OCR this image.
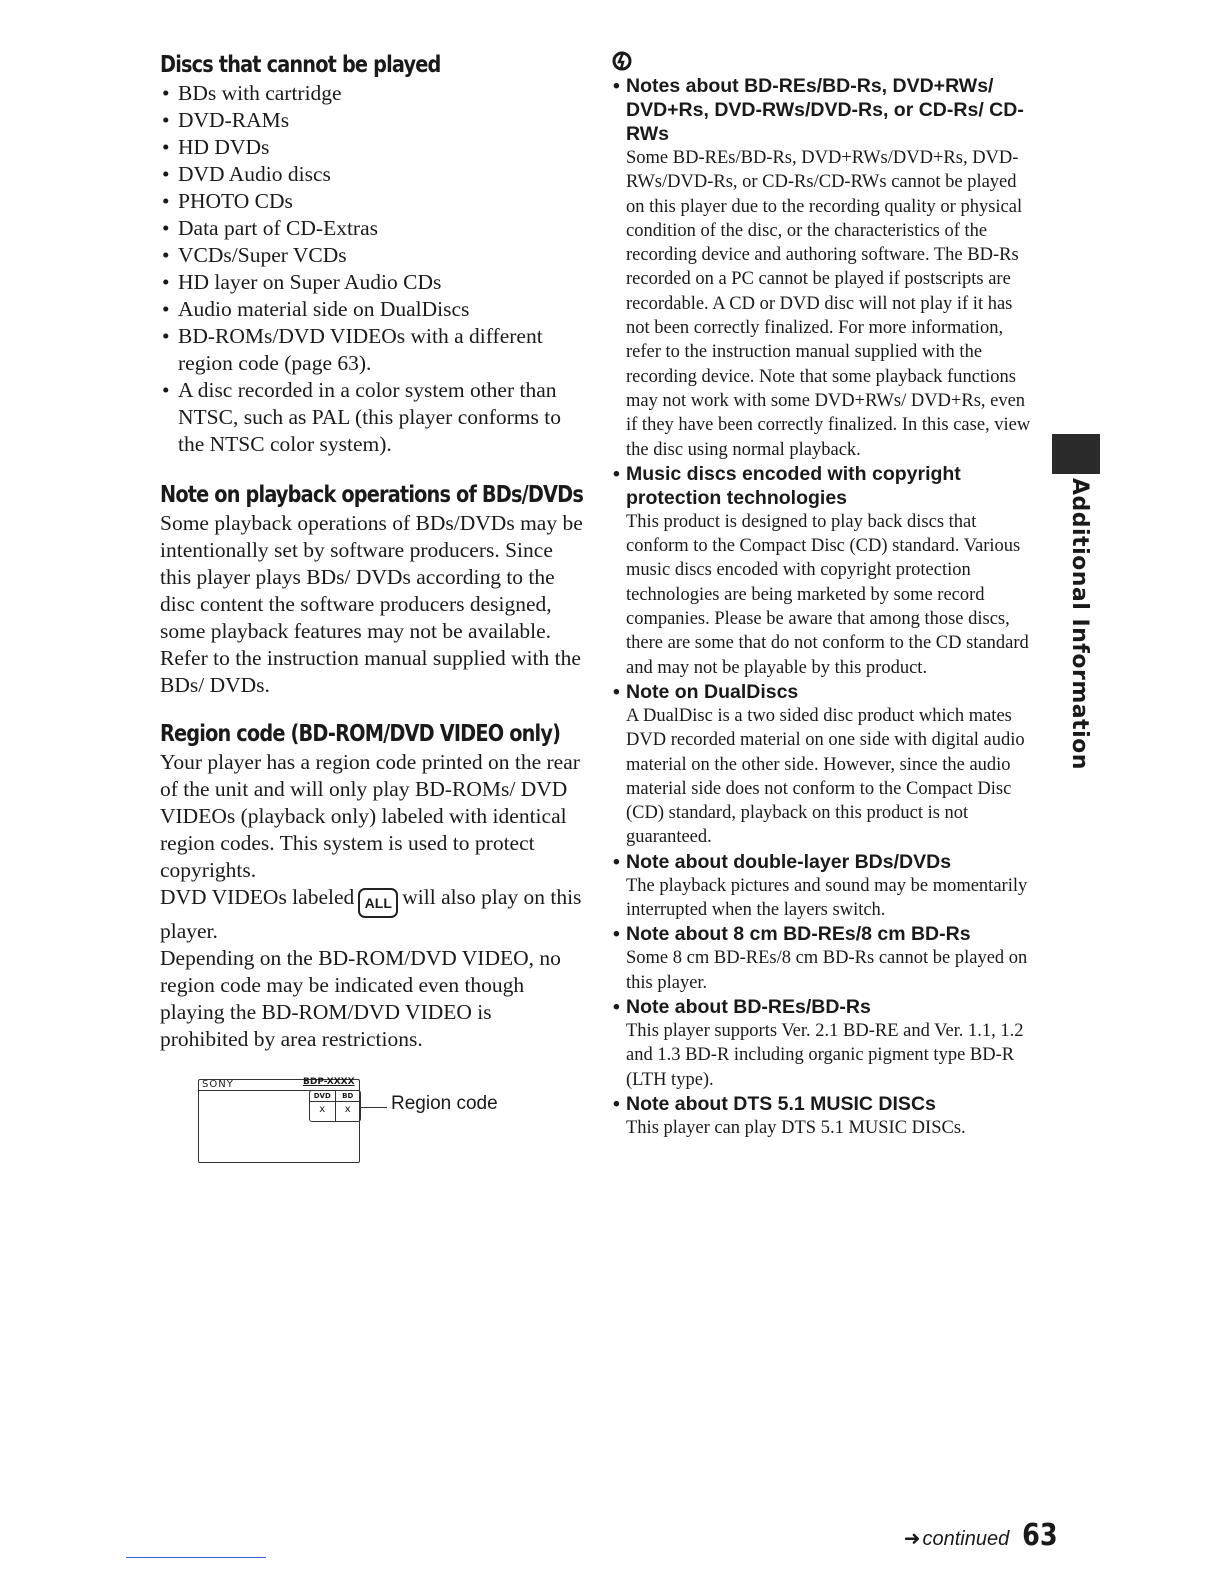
Discs that cannot be played
• BDs with cartridge
• DVD-RAMs
• HD DVDs
• DVD Audio discs
• PHOTO CDs
• Data part of CD-Extras
• VCDs/Super VCDs
• HD layer on Super Audio CDs
• Audio material side on DualDiscs
• BD-ROMs/DVD VIDEOs with a different region code (page 63).
• A disc recorded in a color system other than NTSC, such as PAL (this player conforms to the NTSC color system).
Note on playback operations of BDs/DVDs

Some playback operations of BDs/DVDs may be intentionally set by software producers. Since this player plays BDs/ DVDs according to the disc content the software producers designed, some playback features may not be available. Refer to the instruction manual supplied with the BDs/ DVDs.

Region code (BD-ROM/DVD VIDEO only)

Your player has a region code printed on the rear of the unit and will only play BD-ROMs/ DVD VIDEOs (playback only) labeled with identical region codes. This system is used to protect copyrights.

DVD VIDEOs labeled ALL will also play on this player.

Depending on the BD-ROM/DVD VIDEO, no region code may be indicated even though playing the BD-ROM/DVD VIDEO is prohibited by area restrictions.

SONY	BDP-XXXX
DVD
x
BD
x Region code

• Notes about BD-REs/BD-Rs, DVD+RWs/ DVD+Rs, DVD-RWs/DVD-Rs, or CD-Rs/ CD-RWs

Some BD-REs/BD-Rs, DVD+RWs/DVD+Rs, DVD-RWs/DVD-Rs, or CD-Rs/CD-RWs cannot be played on this player due to the recording quality or physical condition of the disc, or the characteristics of the recording device and authoring software. The BD-Rs recorded on a PC cannot be played if postscripts are recordable. A CD or DVD disc will not play if it has not been correctly finalized. For more information, refer to the instruction manual supplied with the recording device. Note that some playback functions may not work with some DVD+RWs/ DVD+Rs, even if they have been correctly finalized. In this case, view the disc using normal playback.

• Music discs encoded with copyright protection technologies

This product is designed to play back discs that conform to the Compact Disc (CD) standard. Various music discs encoded with copyright protection technologies are being marketed by some record companies. Please be aware that among those discs, there are some that do not conform to the CD standard and may not be playable by this product.

• Note on DualDiscs

A DualDisc is a two sided disc product which mates DVD recorded material on one side with digital audio material on the other side. However, since the audio material side does not conform to the Compact Disc (CD) standard, playback on this product is not guaranteed.

• Note about double-layer BDs/DVDs

The playback pictures and sound may be momentarily interrupted when the layers switch.

• Note about 8 cm BD-REs/8 cm BD-Rs

Some 8 cm BD-REs/8 cm BD-Rs cannot be played on this player.

• Note about BD-REs/BD-Rs

This player supports Ver. 2.1 BD-RE and Ver. 1.1, 1.2 and 1.3 BD-R including organic pigment type BD-R (LTH type).

• Note about DTS 5.1 MUSIC DISCs

This player can play DTS 5.1 MUSIC DISCs.

Additional Information
➜ continued 63
